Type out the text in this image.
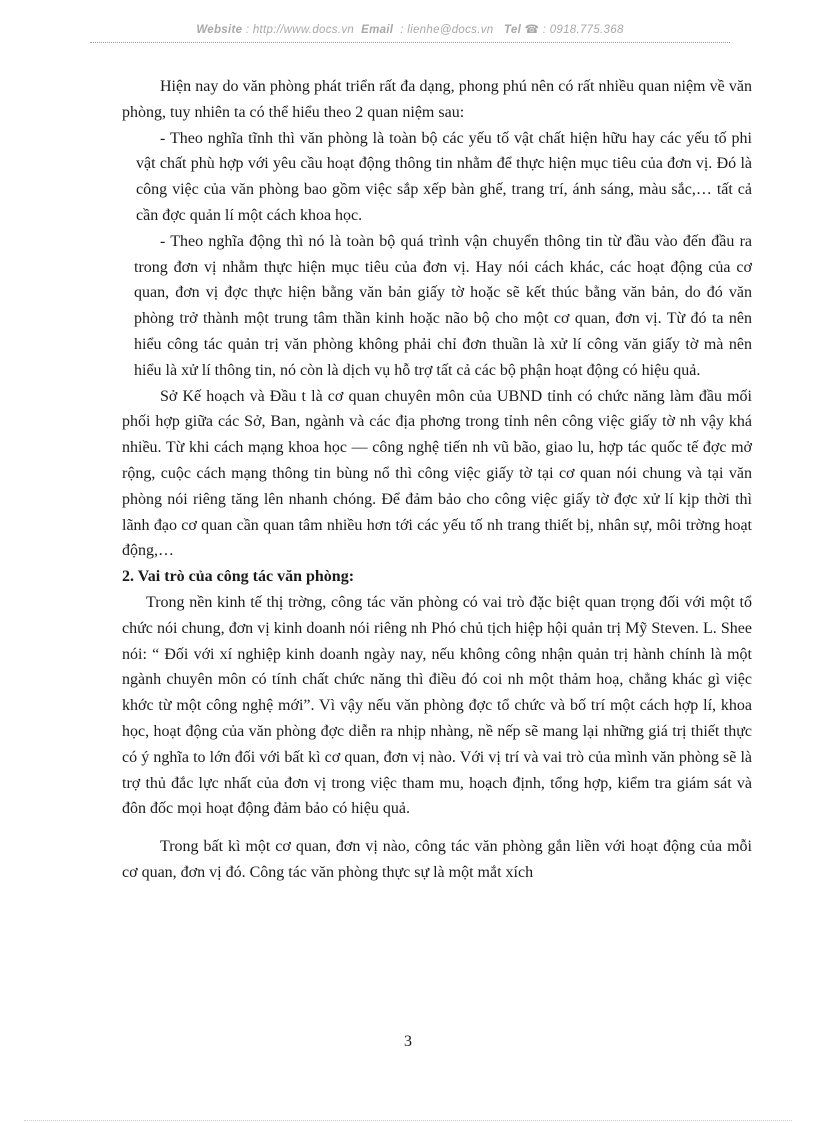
Website : http://www.docs.vn Email : lienhe@docs.vn Tel ☎ : 0918.775.368

Hiện nay do văn phòng phát triển rất đa dạng, phong phú nên có rất nhiều quan niệm về văn phòng, tuy nhiên ta có thể hiểu theo 2 quan niệm sau:

- Theo nghĩa tĩnh thì văn phòng là toàn bộ các yếu tố vật chất hiện hữu hay các yếu tố phi vật chất phù hợp với yêu cầu hoạt động thông tin nhằm để thực hiện mục tiêu của đơn vị. Đó là công việc của văn phòng bao gồm việc sắp xếp bàn ghế, trang trí, ánh sáng, màu sắc,… tất cả cần đợc quản lí một cách khoa học.

- Theo nghĩa động thì nó là toàn bộ quá trình vận chuyển thông tin từ đầu vào đến đầu ra trong đơn vị nhằm thực hiện mục tiêu của đơn vị. Hay nói cách khác, các hoạt động của cơ quan, đơn vị đợc thực hiện bằng văn bản giấy tờ hoặc sẽ kết thúc bằng văn bản, do đó văn phòng trở thành một trung tâm thần kinh hoặc não bộ cho một cơ quan, đơn vị. Từ đó ta nên hiểu công tác quản trị văn phòng không phải chỉ đơn thuần là xử lí công văn giấy tờ mà nên hiểu là xử lí thông tin, nó còn là dịch vụ hỗ trợ tất cả các bộ phận hoạt động có hiệu quả.

Sở Kế hoạch và Đầu t là cơ quan chuyên môn của UBND tỉnh có chức năng làm đầu mối phối hợp giữa các Sở, Ban, ngành và các địa phơng trong tỉnh nên công việc giấy tờ nh vậy khá nhiều. Từ khi cách mạng khoa học — công nghệ tiến nh vũ bão, giao lu, hợp tác quốc tế đợc mở rộng, cuộc cách mạng thông tin bùng nổ thì công việc giấy tờ tại cơ quan nói chung và tại văn phòng nói riêng tăng lên nhanh chóng. Để đảm bảo cho công việc giấy tờ đợc xử lí kịp thời thì lãnh đạo cơ quan cần quan tâm nhiều hơn tới các yếu tố nh trang thiết bị, nhân sự, môi trờng hoạt động,…

2. Vai trò của công tác văn phòng:

Trong nền kinh tế thị trờng, công tác văn phòng có vai trò đặc biệt quan trọng đối với một tổ chức nói chung, đơn vị kinh doanh nói riêng nh Phó chủ tịch hiệp hội quản trị Mỹ Steven. L. Shee nói: “ Đối với xí nghiệp kinh doanh ngày nay, nếu không công nhận quản trị hành chính là một ngành chuyên môn có tính chất chức năng thì điều đó coi nh một thảm hoạ, chẳng khác gì việc khớc từ một công nghệ mới”. Vì vậy nếu văn phòng đợc tổ chức và bố trí một cách hợp lí, khoa học, hoạt động của văn phòng đợc diễn ra nhịp nhàng, nề nếp sẽ mang lại những giá trị thiết thực có ý nghĩa to lớn đối với bất kì cơ quan, đơn vị nào. Với vị trí và vai trò của mình văn phòng sẽ là trợ thủ đắc lực nhất của đơn vị trong việc tham mu, hoạch định, tổng hợp, kiểm tra giám sát và đôn đốc mọi hoạt động đảm bảo có hiệu quả.

Trong bất kì một cơ quan, đơn vị nào, công tác văn phòng gắn liền với hoạt động của mỗi cơ quan, đơn vị đó. Công tác văn phòng thực sự là một mắt xích

3
